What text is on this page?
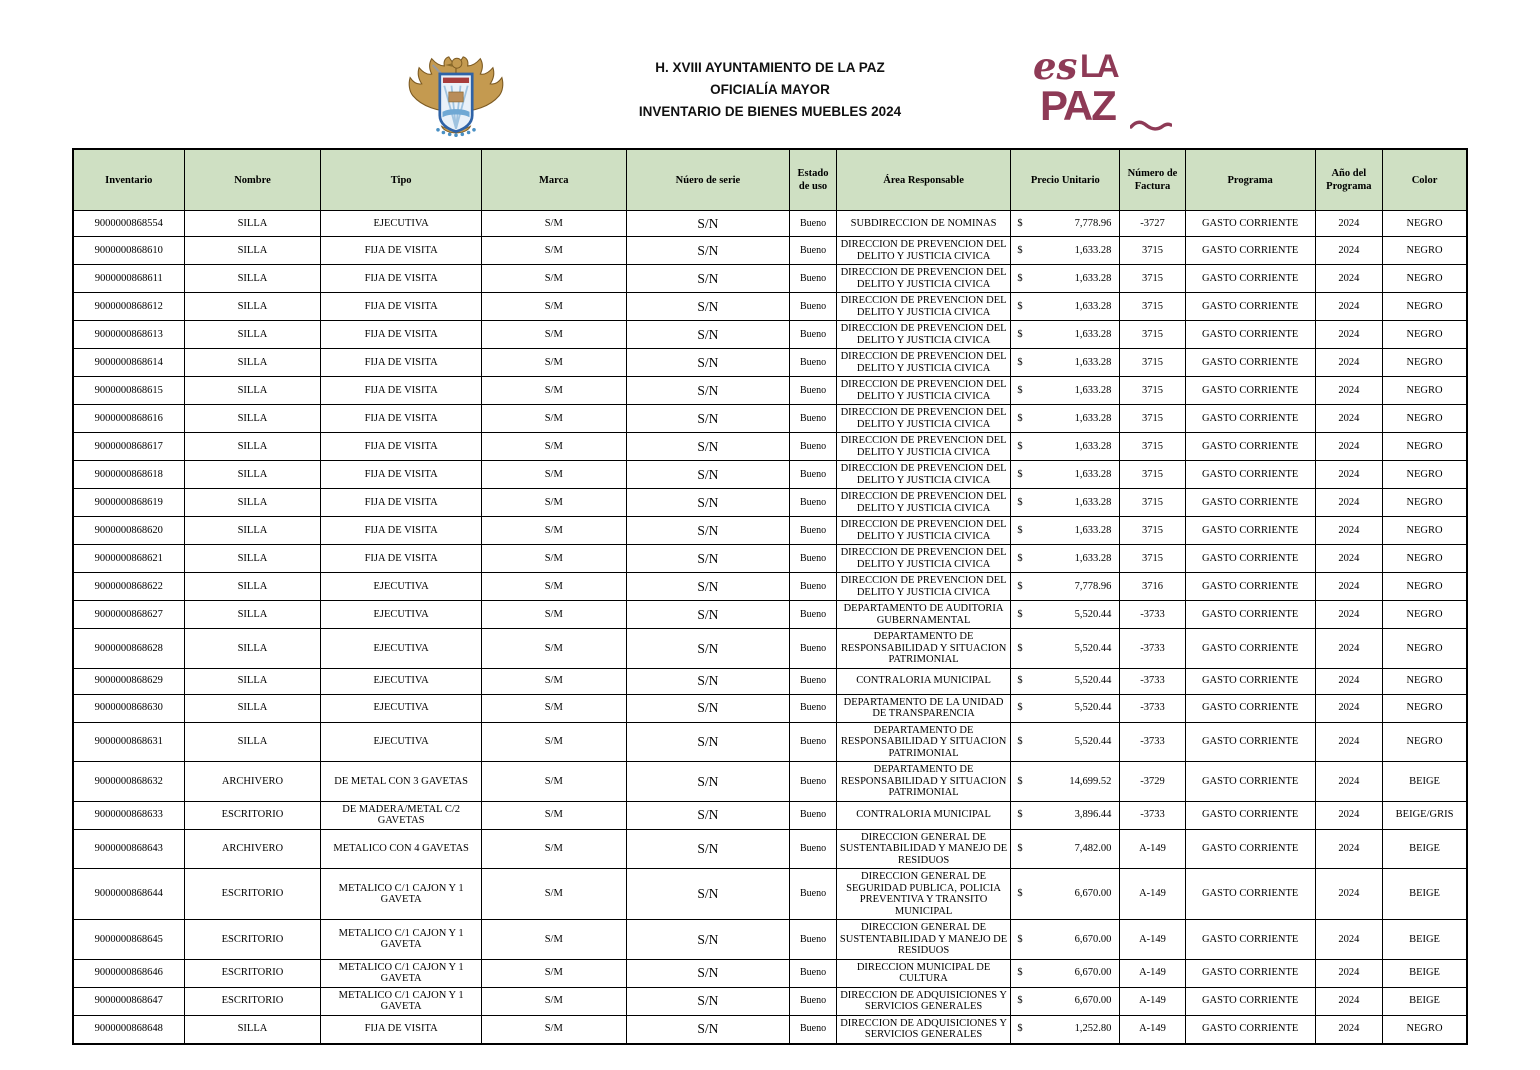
H. XVIII AYUNTAMIENTO DE LA PAZ
OFICIALÍA MAYOR
INVENTARIO DE BIENES MUEBLES 2024
es LA
PAZ
Inventario	Nombre	Tipo	Marca	Núero de serie	Estado de uso	Área Responsable	Precio Unitario	Número de Factura	Programa	Año del Programa	Color
9000000868554	SILLA	EJECUTIVA	S/M	S/N	Bueno	SUBDIRECCION DE NOMINAS	$ 7,778.96	-3727	GASTO CORRIENTE	2024	NEGRO
9000000868610	SILLA	FIJA DE VISITA	S/M	S/N	Bueno	DIRECCION DE PREVENCION DEL DELITO Y JUSTICIA CIVICA	$ 1,633.28	3715	GASTO CORRIENTE	2024	NEGRO
9000000868611	SILLA	FIJA DE VISITA	S/M	S/N	Bueno	DIRECCION DE PREVENCION DEL DELITO Y JUSTICIA CIVICA	$ 1,633.28	3715	GASTO CORRIENTE	2024	NEGRO
9000000868612	SILLA	FIJA DE VISITA	S/M	S/N	Bueno	DIRECCION DE PREVENCION DEL DELITO Y JUSTICIA CIVICA	$ 1,633.28	3715	GASTO CORRIENTE	2024	NEGRO
9000000868613	SILLA	FIJA DE VISITA	S/M	S/N	Bueno	DIRECCION DE PREVENCION DEL DELITO Y JUSTICIA CIVICA	$ 1,633.28	3715	GASTO CORRIENTE	2024	NEGRO
9000000868614	SILLA	FIJA DE VISITA	S/M	S/N	Bueno	DIRECCION DE PREVENCION DEL DELITO Y JUSTICIA CIVICA	$ 1,633.28	3715	GASTO CORRIENTE	2024	NEGRO
9000000868615	SILLA	FIJA DE VISITA	S/M	S/N	Bueno	DIRECCION DE PREVENCION DEL DELITO Y JUSTICIA CIVICA	$ 1,633.28	3715	GASTO CORRIENTE	2024	NEGRO
9000000868616	SILLA	FIJA DE VISITA	S/M	S/N	Bueno	DIRECCION DE PREVENCION DEL DELITO Y JUSTICIA CIVICA	$ 1,633.28	3715	GASTO CORRIENTE	2024	NEGRO
9000000868617	SILLA	FIJA DE VISITA	S/M	S/N	Bueno	DIRECCION DE PREVENCION DEL DELITO Y JUSTICIA CIVICA	$ 1,633.28	3715	GASTO CORRIENTE	2024	NEGRO
9000000868618	SILLA	FIJA DE VISITA	S/M	S/N	Bueno	DIRECCION DE PREVENCION DEL DELITO Y JUSTICIA CIVICA	$ 1,633.28	3715	GASTO CORRIENTE	2024	NEGRO
9000000868619	SILLA	FIJA DE VISITA	S/M	S/N	Bueno	DIRECCION DE PREVENCION DEL DELITO Y JUSTICIA CIVICA	$ 1,633.28	3715	GASTO CORRIENTE	2024	NEGRO
9000000868620	SILLA	FIJA DE VISITA	S/M	S/N	Bueno	DIRECCION DE PREVENCION DEL DELITO Y JUSTICIA CIVICA	$ 1,633.28	3715	GASTO CORRIENTE	2024	NEGRO
9000000868621	SILLA	FIJA DE VISITA	S/M	S/N	Bueno	DIRECCION DE PREVENCION DEL DELITO Y JUSTICIA CIVICA	$ 1,633.28	3715	GASTO CORRIENTE	2024	NEGRO
9000000868622	SILLA	EJECUTIVA	S/M	S/N	Bueno	DIRECCION DE PREVENCION DEL DELITO Y JUSTICIA CIVICA	$ 7,778.96	3716	GASTO CORRIENTE	2024	NEGRO
9000000868627	SILLA	EJECUTIVA	S/M	S/N	Bueno	DEPARTAMENTO DE AUDITORIA GUBERNAMENTAL	$ 5,520.44	-3733	GASTO CORRIENTE	2024	NEGRO
9000000868628	SILLA	EJECUTIVA	S/M	S/N	Bueno	DEPARTAMENTO DE RESPONSABILIDAD Y SITUACION PATRIMONIAL	$ 5,520.44	-3733	GASTO CORRIENTE	2024	NEGRO
9000000868629	SILLA	EJECUTIVA	S/M	S/N	Bueno	CONTRALORIA MUNICIPAL	$ 5,520.44	-3733	GASTO CORRIENTE	2024	NEGRO
9000000868630	SILLA	EJECUTIVA	S/M	S/N	Bueno	DEPARTAMENTO DE LA UNIDAD DE TRANSPARENCIA	$ 5,520.44	-3733	GASTO CORRIENTE	2024	NEGRO
9000000868631	SILLA	EJECUTIVA	S/M	S/N	Bueno	DEPARTAMENTO DE RESPONSABILIDAD Y SITUACION PATRIMONIAL	$ 5,520.44	-3733	GASTO CORRIENTE	2024	NEGRO
9000000868632	ARCHIVERO	DE METAL CON 3 GAVETAS	S/M	S/N	Bueno	DEPARTAMENTO DE RESPONSABILIDAD Y SITUACION PATRIMONIAL	$ 14,699.52	-3729	GASTO CORRIENTE	2024	BEIGE
9000000868633	ESCRITORIO	DE MADERA/METAL C/2 GAVETAS	S/M	S/N	Bueno	CONTRALORIA MUNICIPAL	$ 3,896.44	-3733	GASTO CORRIENTE	2024	BEIGE/GRIS
9000000868643	ARCHIVERO	METALICO CON 4 GAVETAS	S/M	S/N	Bueno	DIRECCION GENERAL DE SUSTENTABILIDAD Y MANEJO DE RESIDUOS	$ 7,482.00	A-149	GASTO CORRIENTE	2024	BEIGE
9000000868644	ESCRITORIO	METALICO C/1 CAJON Y 1 GAVETA	S/M	S/N	Bueno	DIRECCION GENERAL DE SEGURIDAD PUBLICA, POLICIA PREVENTIVA Y TRANSITO MUNICIPAL	$ 6,670.00	A-149	GASTO CORRIENTE	2024	BEIGE
9000000868645	ESCRITORIO	METALICO C/1 CAJON Y 1 GAVETA	S/M	S/N	Bueno	DIRECCION GENERAL DE SUSTENTABILIDAD Y MANEJO DE RESIDUOS	$ 6,670.00	A-149	GASTO CORRIENTE	2024	BEIGE
9000000868646	ESCRITORIO	METALICO C/1 CAJON Y 1 GAVETA	S/M	S/N	Bueno	DIRECCION MUNICIPAL DE CULTURA	$ 6,670.00	A-149	GASTO CORRIENTE	2024	BEIGE
9000000868647	ESCRITORIO	METALICO C/1 CAJON Y 1 GAVETA	S/M	S/N	Bueno	DIRECCION DE ADQUISICIONES Y SERVICIOS GENERALES	$ 6,670.00	A-149	GASTO CORRIENTE	2024	BEIGE
9000000868648	SILLA	FIJA DE VISITA	S/M	S/N	Bueno	DIRECCION DE ADQUISICIONES Y SERVICIOS GENERALES	$ 1,252.80	A-149	GASTO CORRIENTE	2024	NEGRO
